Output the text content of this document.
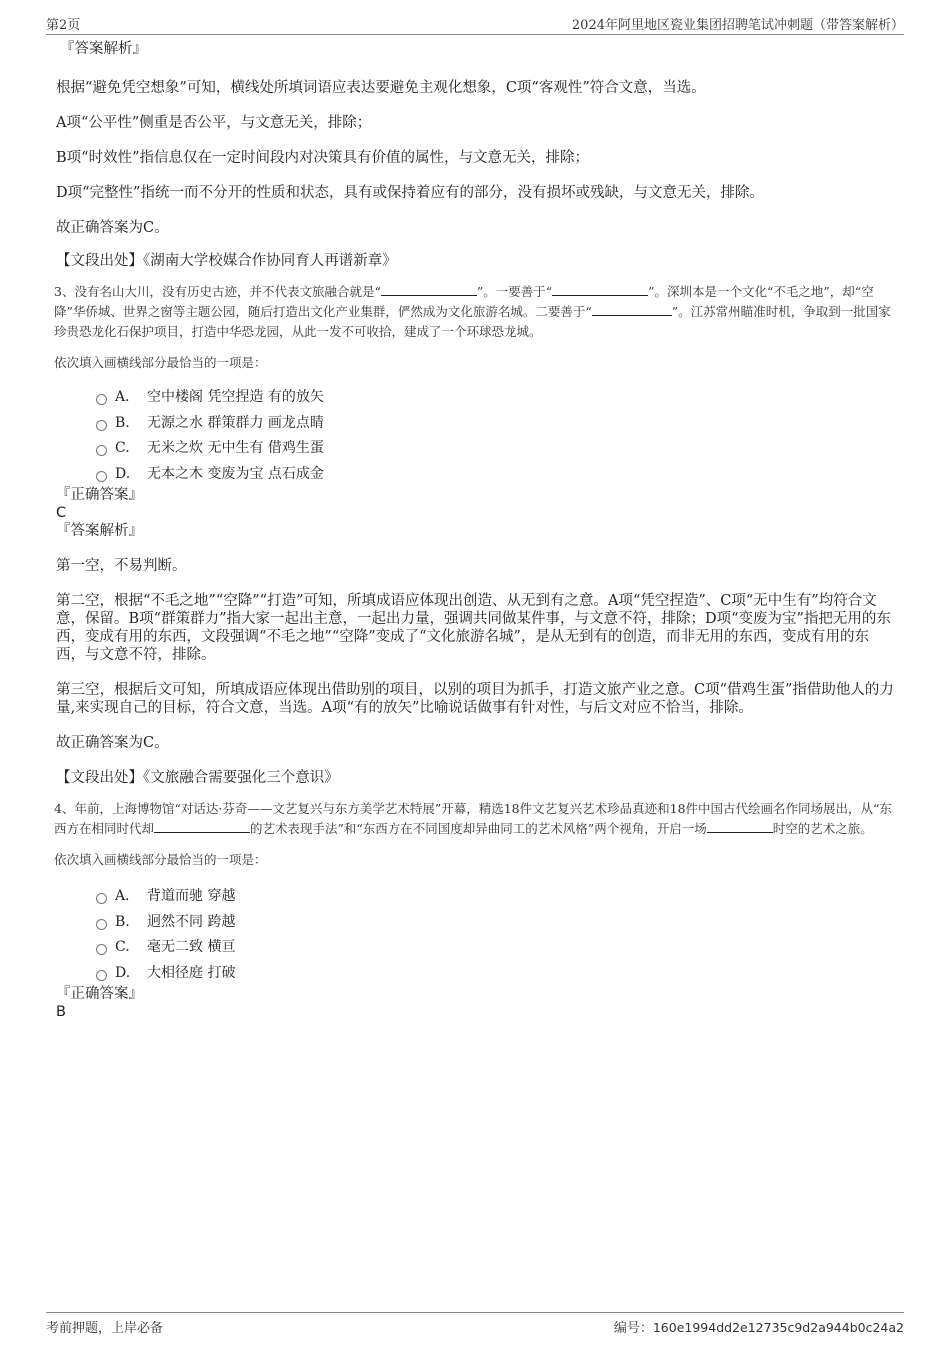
第2页	2024年阿里地区瓷业集团招聘笔试冲刺题（带答案解析）

『答案解析』

根据“避免凭空想象”可知，横线处所填词语应表达要避免主观化想象，C项“客观性”符合文意，当选。

A项“公平性”侧重是否公平，与文意无关，排除；

B项“时效性”指信息仅在一定时间段内对决策具有价值的属性，与文意无关，排除；

D项“完整性”指统一而不分开的性质和状态，具有或保持着应有的部分，没有损坏或残缺，与文意无关，排除。

故正确答案为C。

【文段出处】《湖南大学校媒合作协同育人再谱新章》

3、没有名山大川，没有历史古迹，并不代表文旅融合就是“	”。一要善于“	”。深圳本是一个文化“不毛之地”，却“空降”华侨城、世界之窗等主题公园，随后打造出文化产业集群，俨然成为文化旅游名城。二要善于“	”。江苏常州瞄准时机，争取到一批国家珍贵恐龙化石保护项目，打造中华恐龙园，从此一发不可收拾，建成了一个环球恐龙城。

依次填入画横线部分最恰当的一项是：

A． 空中楼阁 凭空捏造 有的放矢
B.	无源之水 群策群力 画龙点睛
C.	无米之炊 无中生有 借鸡生蛋
D.	无本之木 变废为宝 点石成金

『正确答案』

C

『答案解析』

第一空，不易判断。

第二空，根据“不毛之地”“空降”“打造”可知，所填成语应体现出创造、从无到有之意。A项“凭空捏造”、C项“无中生有”均符合文意，保留。B项“群策群力”指大家一起出主意，一起出力量，强调共同做某件事，与文意不符，排除；D项“变废为宝”指把无用的东西，变成有用的东西，文段强调“不毛之地”“空降”变成了“文化旅游名城”，是从无到有的创造，而非无用的东西，变成有用的东西，与文意不符，排除。

第三空，根据后文可知，所填成语应体现出借助别的项目，以别的项目为抓手，打造文旅产业之意。C项“借鸡生蛋”指借助他人的力量,来实现自己的目标，符合文意，当选。A项“有的放矢”比喻说话做事有针对性，与后文对应不恰当，排除。

故正确答案为C。

【文段出处】《文旅融合需要强化三个意识》

4、年前，上海博物馆“对话达·芬奇——文艺复兴与东方美学艺术特展”开幕，精选18件文艺复兴艺术珍品真迹和18件中国古代绘画名作同场展出，从“东西方在相同时代却	的艺术表现手法”和“东西方在不同国度却异曲同工的艺术风格”两个视角，开启一场	时空的艺术之旅。

依次填入画横线部分最恰当的一项是：

A． 背道而驰 穿越
B.	迥然不同 跨越
C.	毫无二致 横亘
D.	大相径庭 打破

『正确答案』

B

考前押题，上岸必备	编号：160e1994dd2e12735c9d2a944b0c24a2
